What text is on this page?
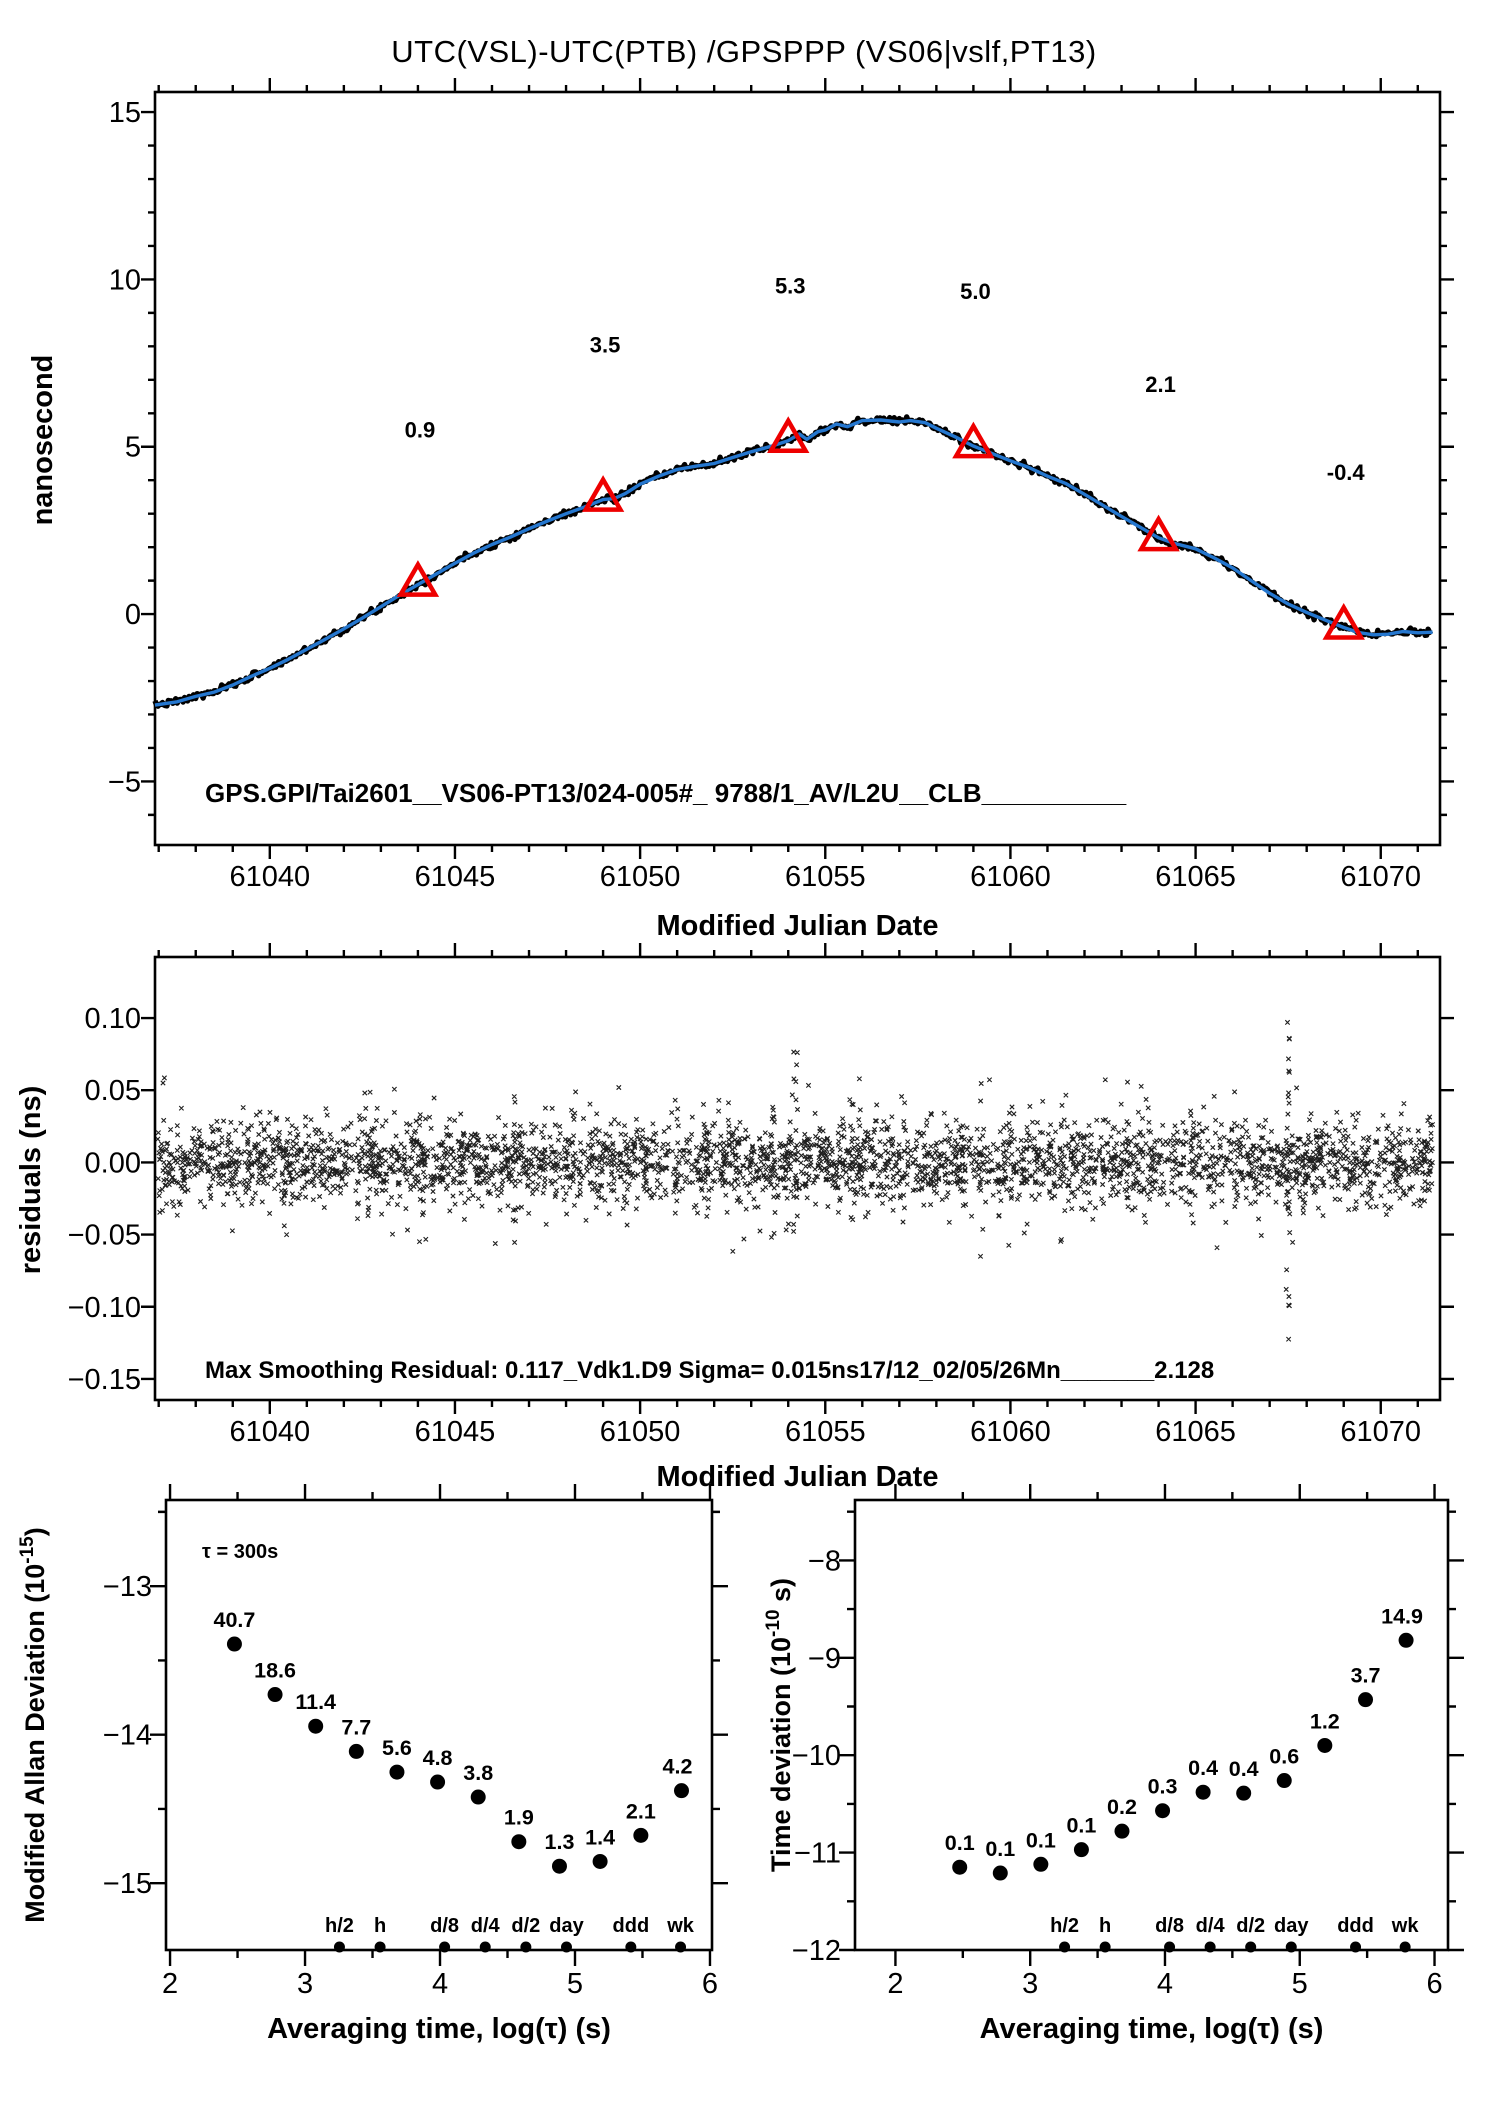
UTC(VSL)-UTC(PTB) /GPSPPP (VS06|vslf,PT13)
61040	61045	61050	61055	61060	61065	61070
−5
0
5
10
15
Modified Julian Date
nanosecond	0.9
3.5
5.3	5.0
2.1
-0.4
GPS.GPI/Tai2601__VS06-PT13/024-005#_ 9788/1_AV/L2U__CLB__________
61040	61045	61050	61055	61060	61065	61070
0.10
0.05
0.00
−0.05
−0.10
−0.15
Modified Julian Date
residuals (ns)
Max Smoothing Residual: 0.117_Vdk1.D9 Sigma= 0.015ns17/12_02/05/26Mn_______2.128
2	3	4	5	6
−13
−14
−15
Averaging time, log(τ) (s)
Modified Allan Deviation $(10^{-15})$
τ = 300s
h/2 h d/8 d/4 d/2 day ddd wk
40.7
18.6
11.4
7.7
5.6 4.8
3.8
1.9
1.3 1.4
2.1
4.2
2	3	4	5	6
−8
−9
−10
−11
−12
Averaging time, log(τ) (s)
Time deviation ($10^{-10}$ s)
h/2 h d/8 d/4 d/2 day ddd wk
0.1 0.1 0.1
0.1
0.2
0.3
0.4 0.4
0.6
1.2
3.7
14.9
